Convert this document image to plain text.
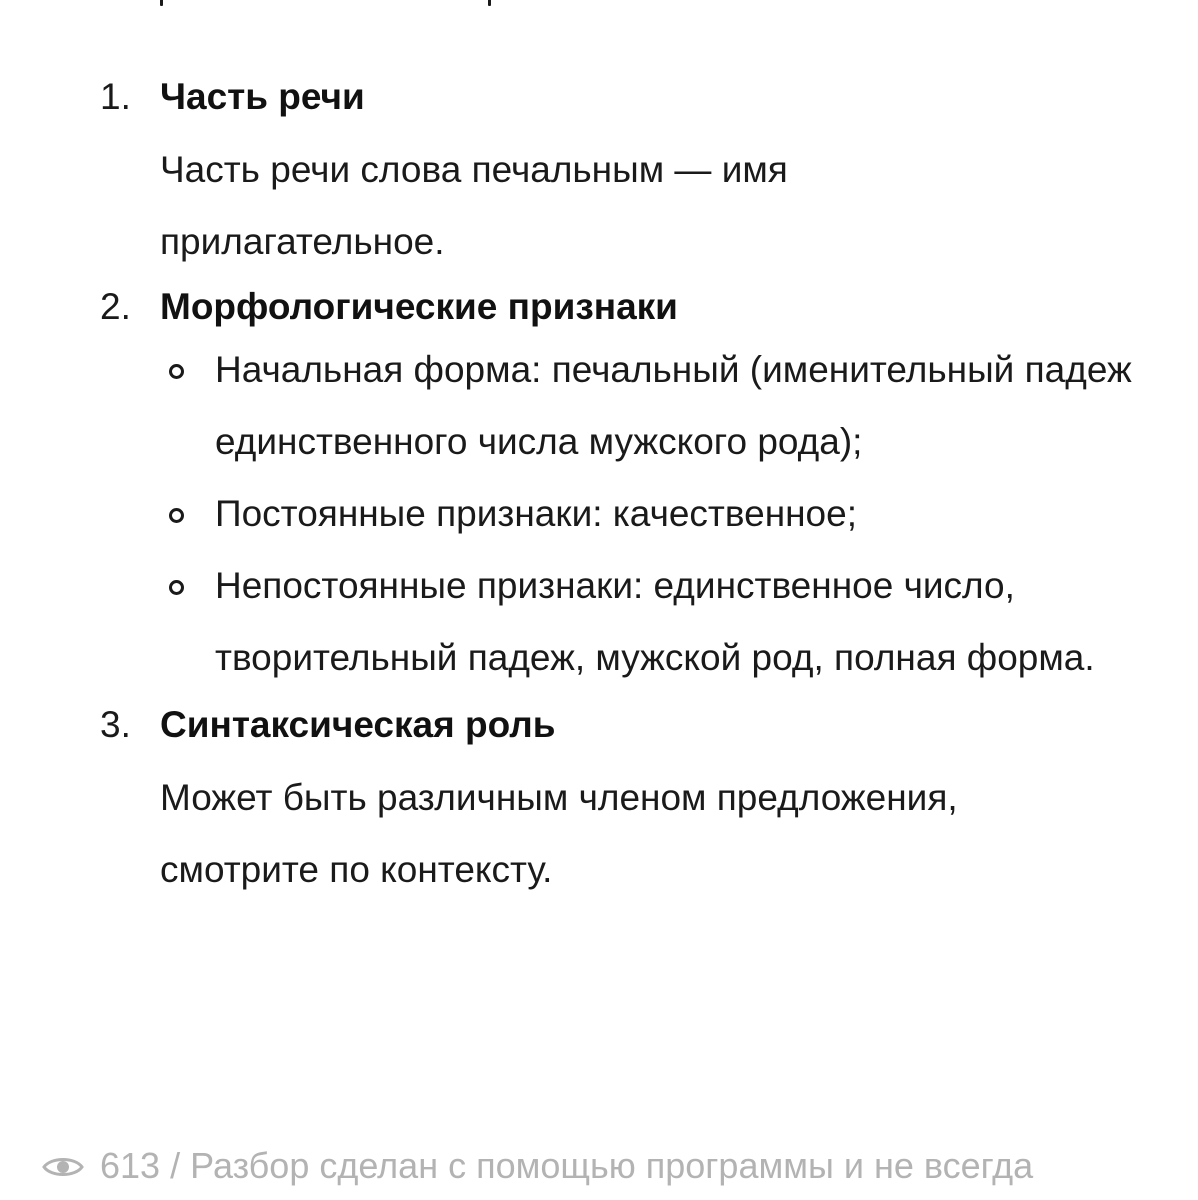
1. Часть речи

Часть речи слова печальным — имя прилагательное.

2. Морфологические признаки
Начальная форма: печальный (именительный падеж единственного числа мужского рода);
Постоянные признаки: качественное;
Непостоянные признаки: единственное число, творительный падеж, мужской род, полная форма.
3. Синтаксическая роль

Может быть различным членом предложения, смотрите по контексту.

613 / Разбор сделан с помощью программы и не всегда
